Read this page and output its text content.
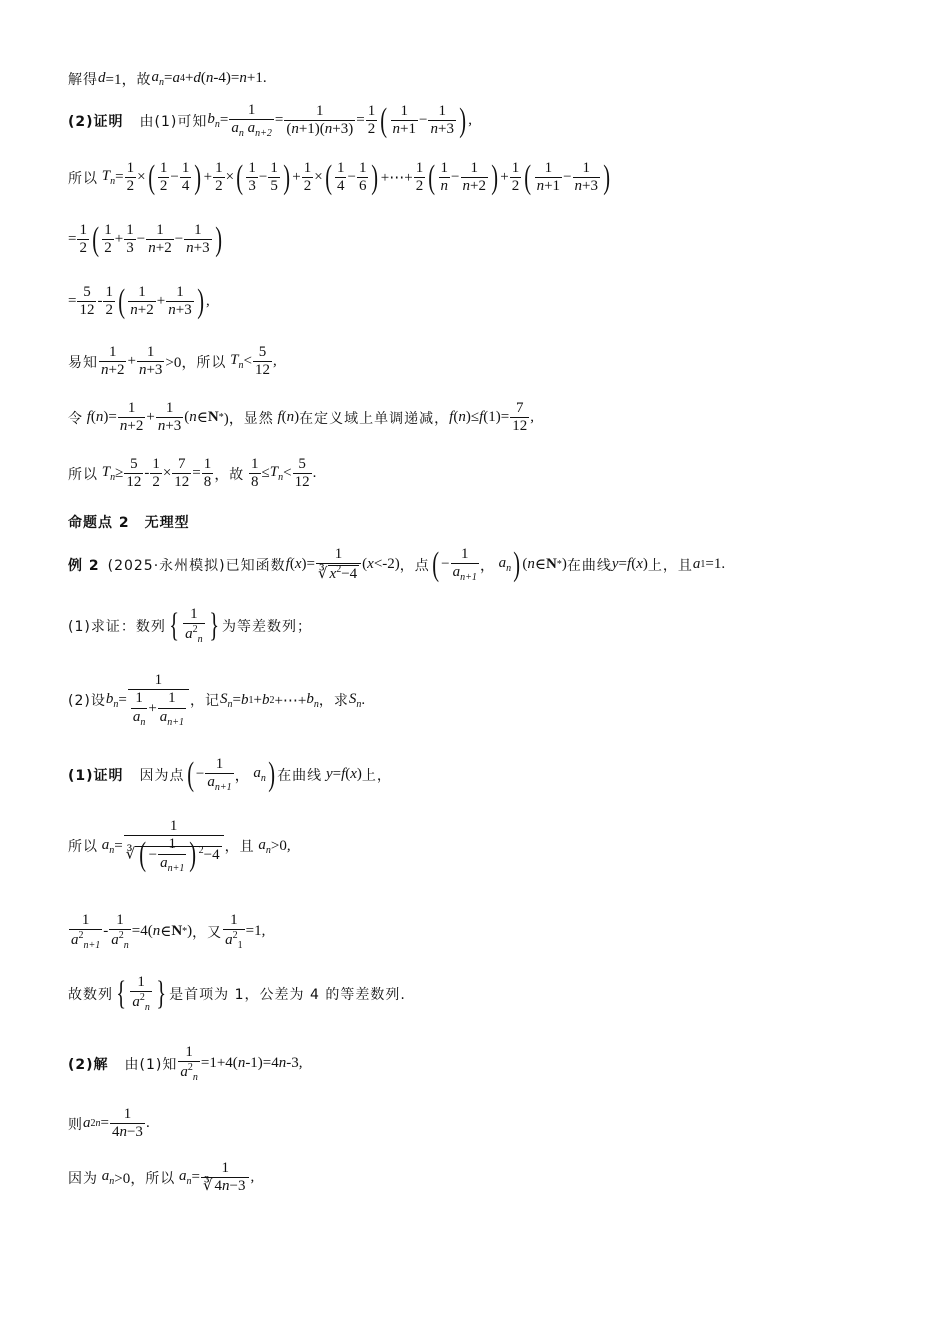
解得 d =1， 故 $a_n = a$ 4 + d ( n -4)= n +1.
(2)证明 由(1)可知 $b_n = \frac{1}{a_n a_{n+2}} = \frac{1}{(n+1)(n+3)} = \frac{1}{2}$ ( $\frac{1}{n+1} - \frac{1}{n+3}$ ) ,
所以
$T_n = \frac{1}{2}$ × ( $\frac{1}{2} - \frac{1}{4}$ ) + $\frac{1}{2}$ × ( $\frac{1}{3} - \frac{1}{5}$ ) + $\frac{1}{2}$ × ( $\frac{1}{4} - \frac{1}{6}$ ) +⋯+ $\frac{1}{2}$ ( $\frac{1}{n} - \frac{1}{n+2}$ ) + $\frac{1}{2}$ ( $\frac{1}{n+1} - \frac{1}{n+3}$ )
= $\frac{1}{2}$ ( $\frac{1}{2} + \frac{1}{3} - \frac{1}{n+2} - \frac{1}{n+3}$ )
= $\frac{5}{12} - \frac{1}{2}$ ( $\frac{1}{n+2} + \frac{1}{n+3}$ ) ,
易知 $\frac{1}{n+2} + \frac{1}{n+3} >0$， 所以
$T_n < \frac{5}{12}$ ,
令
f ( n )= $\frac{1}{n+2} + \frac{1}{n+3}$ ( n ∈ N * )， 显然
f ( n ) 在定义域上单调递减， f ( n )≤ f $(1)= \frac{7}{12}$ ,
所以
$T_n \ge \frac{5}{12} - \frac{1}{2} \times \frac{7}{12} = \frac{1}{8}$ ， 故
$\frac{1}{8} \le T_n < \frac{5}{12}$ .
命题点 2　无理型
例 2 (2025·永州模拟)已知函数 f ( x )= $\frac{1}{∛ x^2-4}$ ( x <-2) ，点 ( − $\frac{1}{a_{n+1}}$ ， $a_n$ ) ( n ∈ N * ) 在曲线 y = f ( x ) 上，且 a 1 =1.
(1)求证： 数列 { $\frac{1}{a^2_n}$ } 为等差数列；
(2)设 $b_n = \frac{1}{\frac{1}{a_n} + \frac{1}{a_{n+1}}}$ ，记 $S_n = b$ 1 + b 2 +⋯+ $b_n$ ，求 $S_n$ .
(1)证明 因为点 ( − $\frac{1}{a_{n+1}}$ ， $a_n$ ) 在曲线
y = f ( x ) 上，
所以
$a_n = \frac{1}{∛ ( - \frac{1}{a_{n+1}} ) ^2-4}$ ，且
$a_n >0$,
$\frac{1}{a^2_{n+1}} - \frac{1}{a^2_n} =4$( n ∈ N * ) ，又 $\frac{1}{a^2_1} =1$,
故数列 { $\frac{1}{a^2_n}$ } 是首项为 1，公差为 4 的等差数列.
(2)解 由(1)知 $\frac{1}{a^2_n} =1+4$( n -1)=4 n -3,
则 a 2 $n = \frac{1}{4n-3}$ .
因为
$a_n >0$， 所以
$a_n = \frac{1}{∛ 4n-3}$ ,
